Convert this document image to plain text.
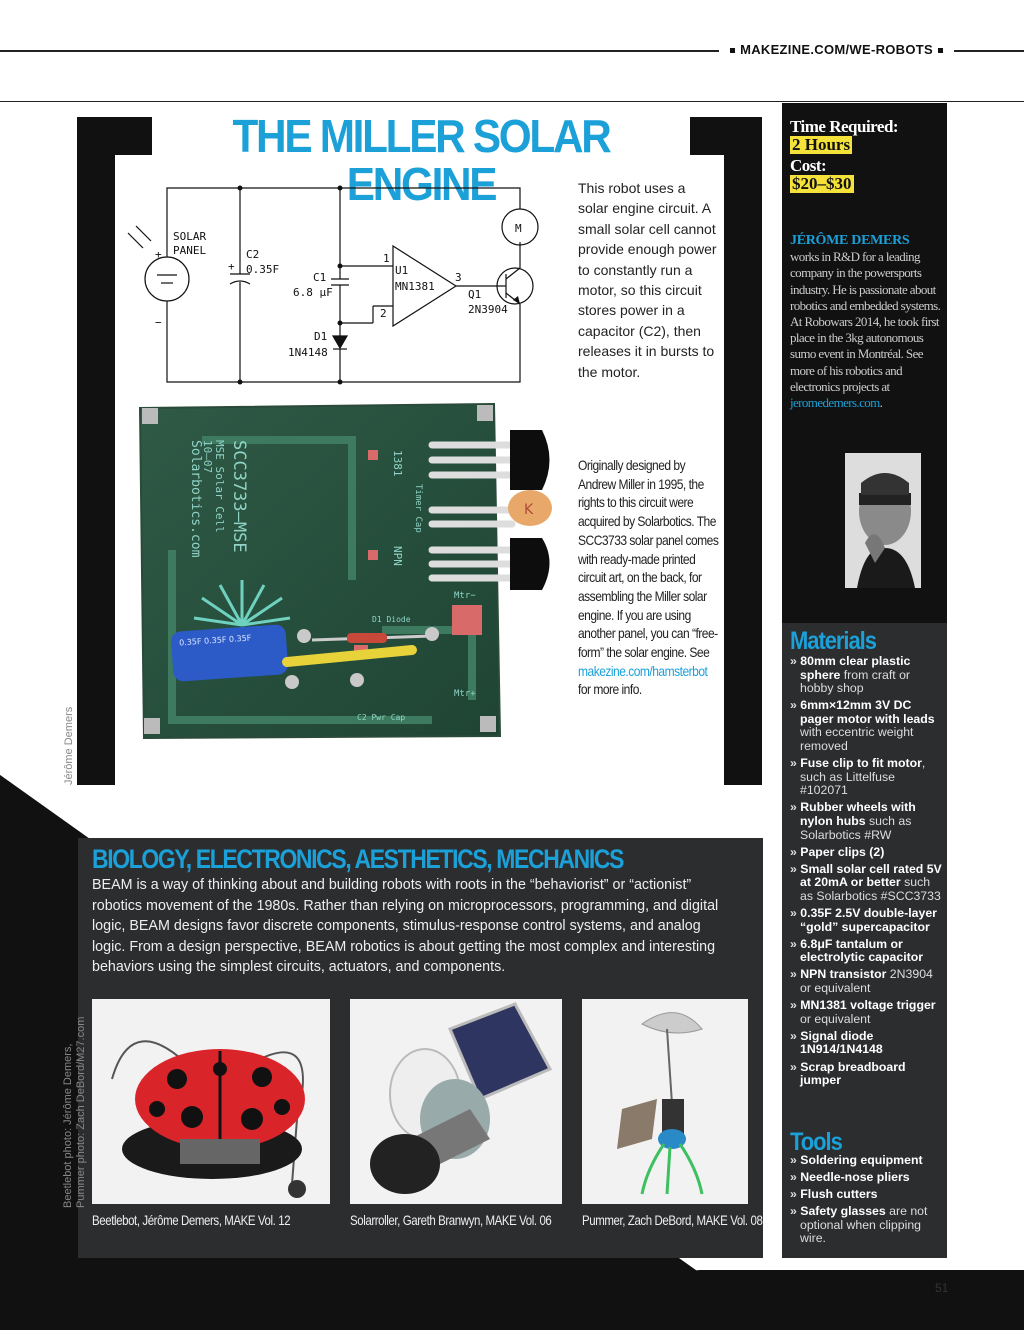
MAKEZINE.COM/WE-ROBOTS
THE MILLER SOLAR ENGINE
Jérôme Demers
SOLAR
PANEL
+
−
+
C2
0.35F
C1
6.8 μF
1
2
3
U1
MN1381
D1
1N4148
Q1
2N3904
M
This robot uses a solar engine circuit. A small solar cell cannot provide enough power to constantly run a motor, so this circuit stores power in a capacitor (C2), then releases it in bursts to the motor.
SCC3733–MSE
MSE Solar Cell
10–07
Solarbotics.com	1381
Timer Cap
NPN
D1 Diode
C2 Pwr Cap
Mtr−
Mtr+
K
0.35F 0.35F 0.35F
Originally designed by Andrew Miller in 1995, the rights to this circuit were acquired by Solarbotics. The SCC3733 solar panel comes with ready-made printed circuit art, on the back, for assembling the Miller solar engine. If you are using another panel, you can “free-form” the solar engine. See makezine.com/hamsterbot for more info.
Time Required:
2 Hours
Cost:
$20–$30
JÉRÔME DEMERS
works in R&D for a leading company in the powersports industry. He is passionate about robotics and embedded systems. At Robowars 2014, he took first place in the 3kg autonomous sumo event in Montréal. See more of his robotics and electronics projects at jeromedemers.com.
Materials
» 80mm clear plastic sphere from craft or hobby shop
» 6mm×12mm 3V DC pager motor with leads with eccentric weight removed
» Fuse clip to fit motor, such as Littelfuse #102071
» Rubber wheels with nylon hubs such as Solarbotics #RW
» Paper clips (2)
» Small solar cell rated 5V at 20mA or better such as Solarbotics #SCC3733
» 0.35F 2.5V double-layer “gold” supercapacitor
» 6.8μF tantalum or electrolytic capacitor
» NPN transistor 2N3904 or equivalent
» MN1381 voltage trigger or equivalent
» Signal diode 1N914/1N4148
» Scrap breadboard jumper
Tools
» Soldering equipment
» Needle-nose pliers
» Flush cutters
» Safety glasses are not optional when clipping wire.
BIOLOGY, ELECTRONICS, AESTHETICS, MECHANICS
BEAM is a way of thinking about and building robots with roots in the “behaviorist” or “actionist” robotics movement of the 1980s. Rather than relying on microprocessors, programming, and digital logic, BEAM designs favor discrete components, stimulus-response control systems, and analog logic. From a design perspective, BEAM robotics is about getting the most complex and interesting behaviors using the simplest circuits, actuators, and components.
Beetlebot photo: Jérôme Demers, Pummer photo: Zach DeBord/M27.com
Beetlebot, Jérôme Demers, MAKE Vol. 12	Solarroller, Gareth Branwyn, MAKE Vol. 06 Pummer, Zach DeBord, MAKE Vol. 08
makezine.com 51
